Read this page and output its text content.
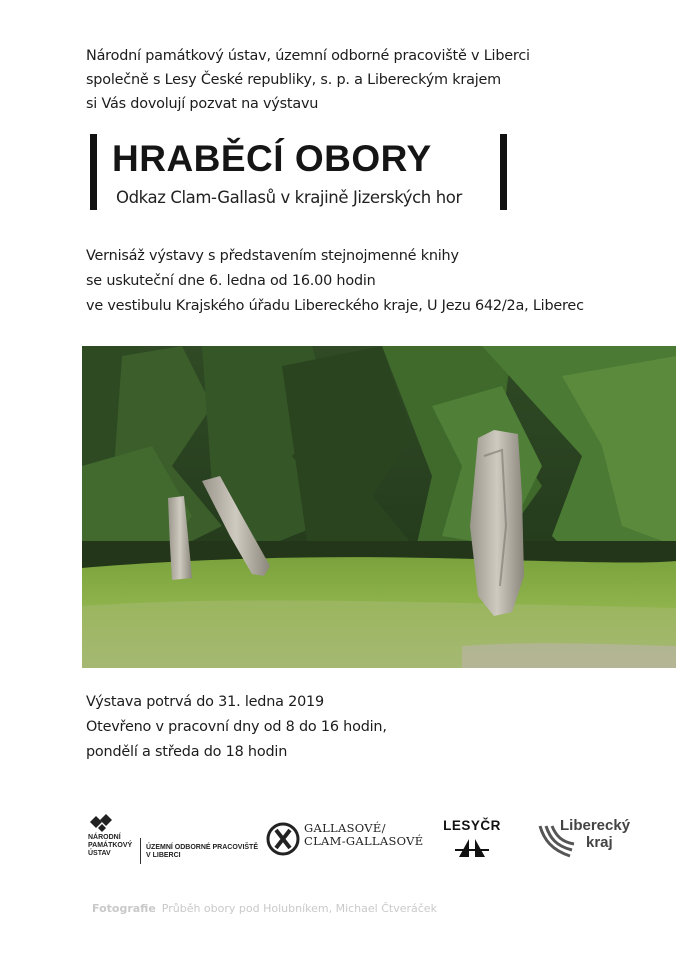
Národní památkový ústav, územní odborné pracoviště v Liberci
společně s Lesy České republiky, s. p. a Libereckým krajem
si Vás dovolují pozvat na výstavu
HRABĚCÍ OBORY
Odkaz Clam-Gallasů v krajině Jizerských hor
Vernisáž výstavy s představením stejnojmenné knihy
se uskuteční dne 6. ledna od 16.00 hodin
ve vestibulu Krajského úřadu Libereckého kraje, U Jezu 642/2a, Liberec
Výstava potrvá do 31. ledna 2019
Otevřeno v pracovní dny od 8 do 16 hodin,
pondělí a středa do 18 hodin
NÁRODNÍ
PAMÁTKOVÝ
ÚSTAV
ÚZEMNÍ ODBORNÉ PRACOVIŠTĚ
V LIBERCI
GALLASOVÉ/
CLAM-GALLASOVÉ
LESYČR	Liberecký
kraj
Fotografie Průběh obory pod Holubníkem, Michael Čtveráček
